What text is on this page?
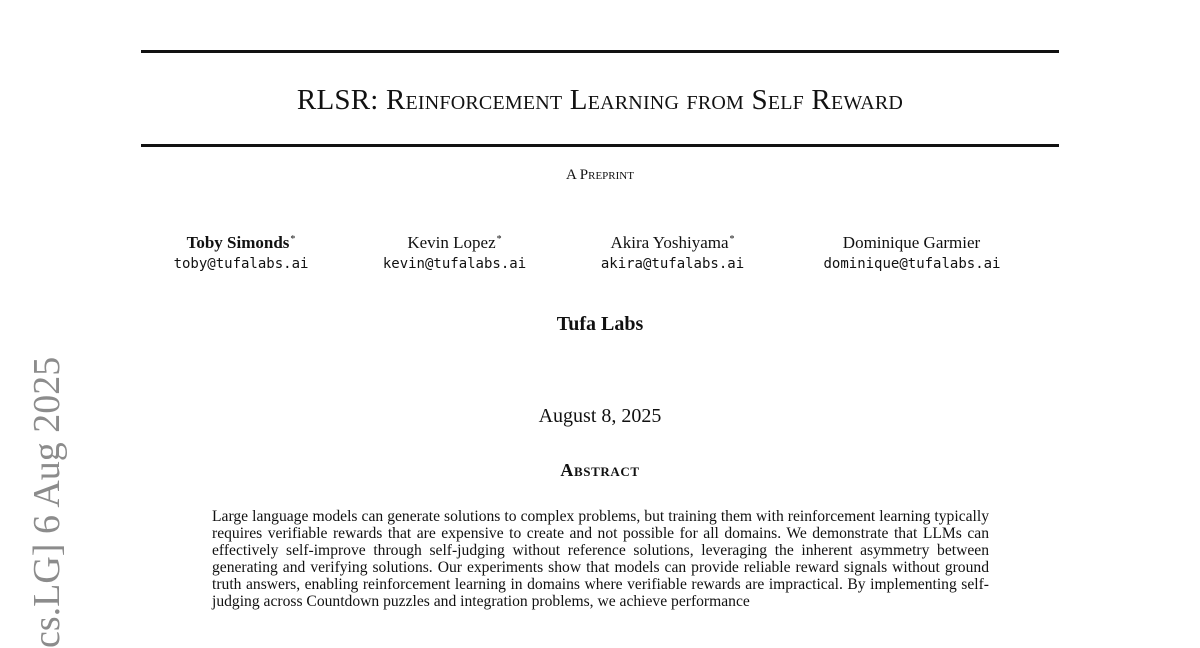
RLSR: Reinforcement Learning from Self Reward
A Preprint
Toby Simonds*
toby@tufalabs.ai
Kevin Lopez*
kevin@tufalabs.ai
Akira Yoshiyama*
akira@tufalabs.ai
Dominique Garmier
dominique@tufalabs.ai
Tufa Labs
August 8, 2025
Abstract
Large language models can generate solutions to complex problems, but training them with reinforcement learning typically requires verifiable rewards that are expensive to create and not possible for all domains. We demonstrate that LLMs can effectively self-improve through self-judging without reference solutions, leveraging the inherent asymmetry between generating and verifying solutions. Our experiments show that models can provide reliable reward signals without ground truth answers, enabling reinforcement learning in domains where verifiable rewards are impractical. By implementing self-judging across Countdown puzzles and integration problems, we achieve performance
cs.LG] 6 Aug 2025
